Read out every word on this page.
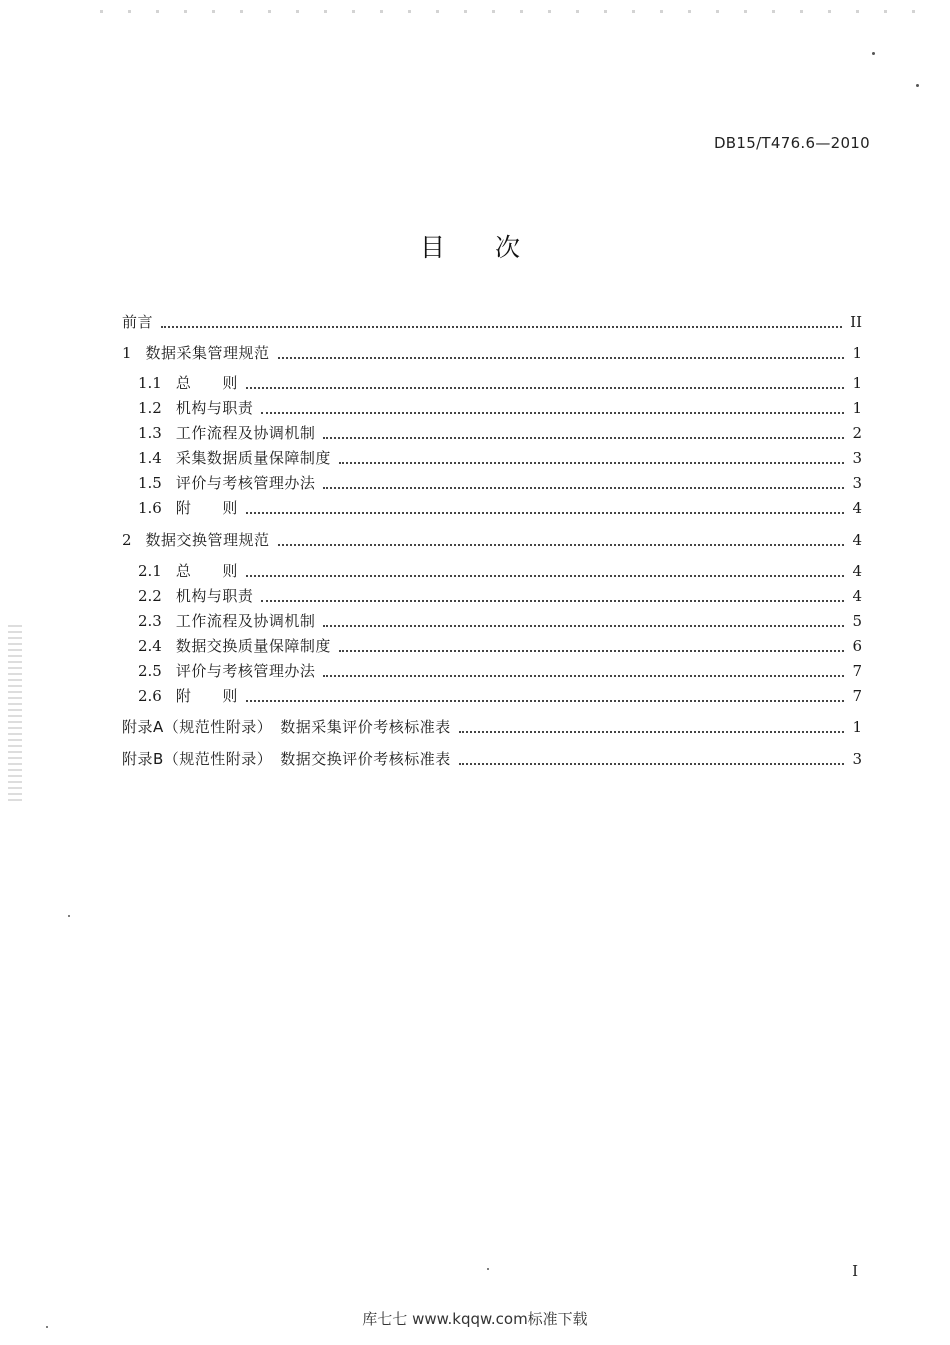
DB15/T476.6—2010
目次
前言	II
1 数据采集管理规范	1
1.1 总　　则	1
1.2 机构与职责	1
1.3 工作流程及协调机制	2
1.4 采集数据质量保障制度	3
1.5 评价与考核管理办法	3
1.6 附　　则	4
2 数据交换管理规范	4
2.1 总　　则	4
2.2 机构与职责	4
2.3 工作流程及协调机制	5
2.4 数据交换质量保障制度	6
2.5 评价与考核管理办法	7
2.6 附　　则	7
附录A（规范性附录）　数据采集评价考核标准表	1
附录B（规范性附录）　数据交换评价考核标准表	3
I
库七七 www.kqqw.com标准下载
